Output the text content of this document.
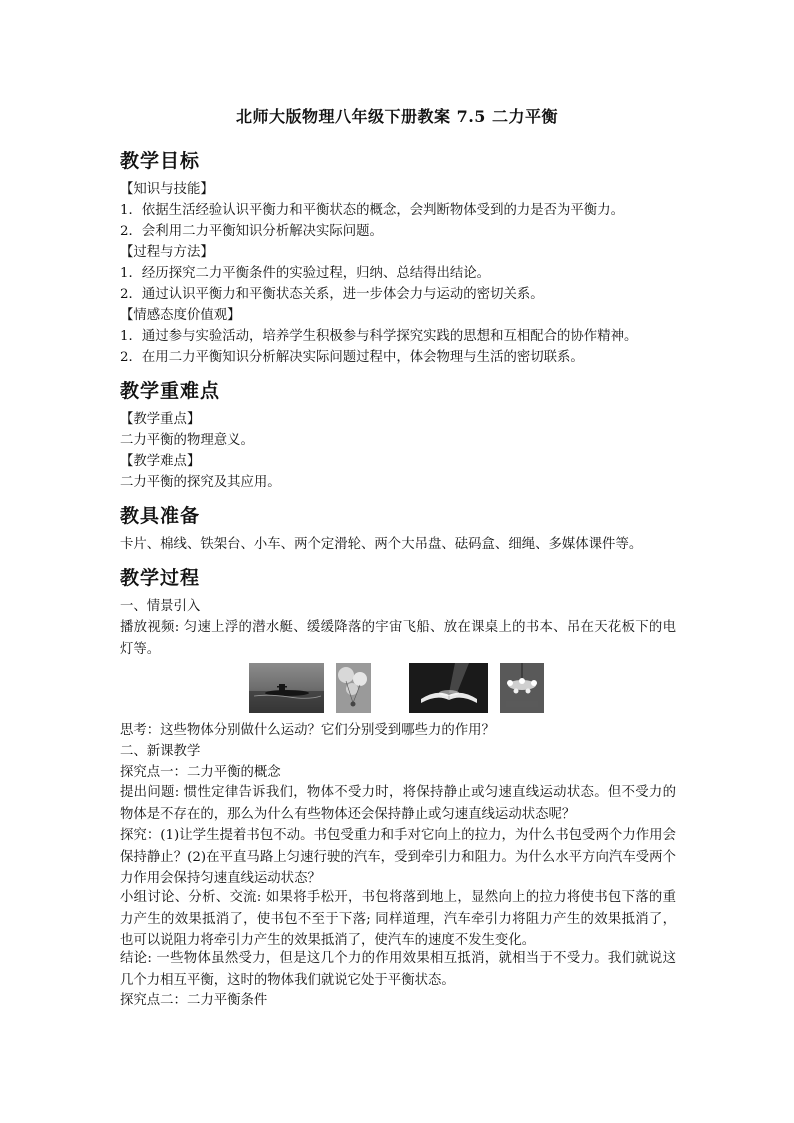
北师大版物理八年级下册教案 7.5 二力平衡
教学目标
【知识与技能】
1．依据生活经验认识平衡力和平衡状态的概念，会判断物体受到的力是否为平衡力。
2．会利用二力平衡知识分析解决实际问题。
【过程与方法】
1．经历探究二力平衡条件的实验过程，归纳、总结得出结论。
2．通过认识平衡力和平衡状态关系，进一步体会力与运动的密切关系。
【情感态度价值观】
1．通过参与实验活动，培养学生积极参与科学探究实践的思想和互相配合的协作精神。
2．在用二力平衡知识分析解决实际问题过程中，体会物理与生活的密切联系。
教学重难点
【教学重点】
二力平衡的物理意义。
【教学难点】
二力平衡的探究及其应用。
教具准备
卡片、棉线、铁架台、小车、两个定滑轮、两个大吊盘、砝码盒、细绳、多媒体课件等。
教学过程
一、情景引入
播放视频: 匀速上浮的潜水艇、缓缓降落的宇宙飞船、放在课桌上的书本、吊在天花板下的电灯等。
思考：这些物体分别做什么运动？它们分别受到哪些力的作用？
二、新课教学
探究点一：二力平衡的概念
提出问题: 惯性定律告诉我们，物体不受力时，将保持静止或匀速直线运动状态。但不受力的物体是不存在的，那么为什么有些物体还会保持静止或匀速直线运动状态呢？
探究：(1)让学生提着书包不动。书包受重力和手对它向上的拉力，为什么书包受两个力作用会保持静止？(2)在平直马路上匀速行驶的汽车，受到牵引力和阻力。为什么水平方向汽车受两个力作用会保持匀速直线运动状态？
小组讨论、分析、交流: 如果将手松开，书包将落到地上，显然向上的拉力将使书包下落的重力产生的效果抵消了，使书包不至于下落; 同样道理，汽车牵引力将阻力产生的效果抵消了，也可以说阻力将牵引力产生的效果抵消了，使汽车的速度不发生变化。
结论: 一些物体虽然受力，但是这几个力的作用效果相互抵消，就相当于不受力。我们就说这几个力相互平衡，这时的物体我们就说它处于平衡状态。
探究点二：二力平衡条件
